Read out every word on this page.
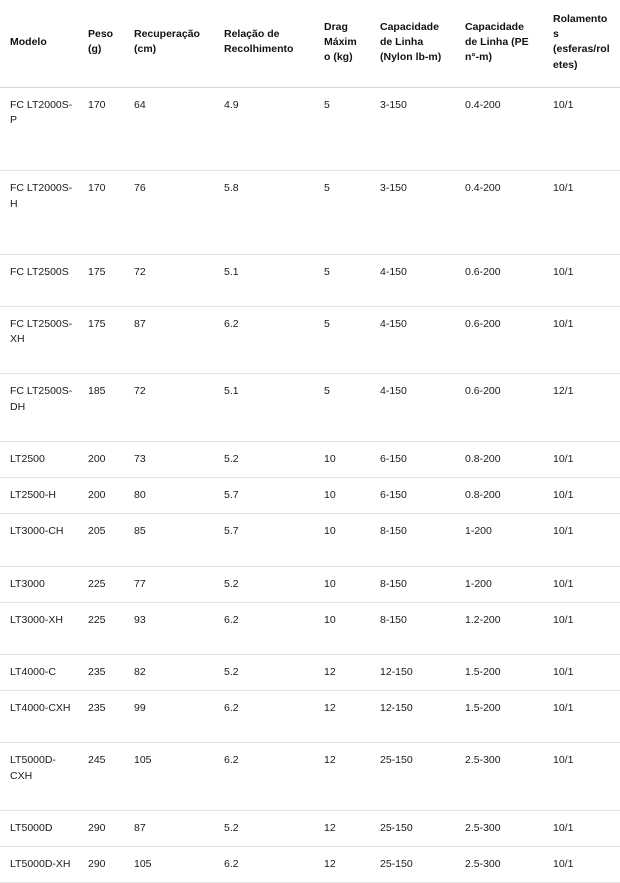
Modelo	Peso (g)	Recuperação (cm)	Relação de Recolhimento	Drag Máximo (kg)	Capacidade de Linha (Nylon lb-m)	Capacidade de Linha (PE n°-m)	Rolamentos (esferas/roletes)
FC LT2000S-P	170	64	4.9	5	3-150	0.4-200	10/1
FC LT2000S-H	170	76	5.8	5	3-150	0.4-200	10/1
FC LT2500S	175	72	5.1	5	4-150	0.6-200	10/1
FC LT2500S-XH	175	87	6.2	5	4-150	0.6-200	10/1
FC LT2500S-DH	185	72	5.1	5	4-150	0.6-200	12/1
LT2500	200	73	5.2	10	6-150	0.8-200	10/1
LT2500-H	200	80	5.7	10	6-150	0.8-200	10/1
LT3000-CH	205	85	5.7	10	8-150	1-200	10/1
LT3000	225	77	5.2	10	8-150	1-200	10/1
LT3000-XH	225	93	6.2	10	8-150	1.2-200	10/1
LT4000-C	235	82	5.2	12	12-150	1.5-200	10/1
LT4000-CXH	235	99	6.2	12	12-150	1.5-200	10/1
LT5000D-CXH	245	105	6.2	12	25-150	2.5-300	10/1
LT5000D	290	87	5.2	12	25-150	2.5-300	10/1
LT5000D-XH	290	105	6.2	12	25-150	2.5-300	10/1
